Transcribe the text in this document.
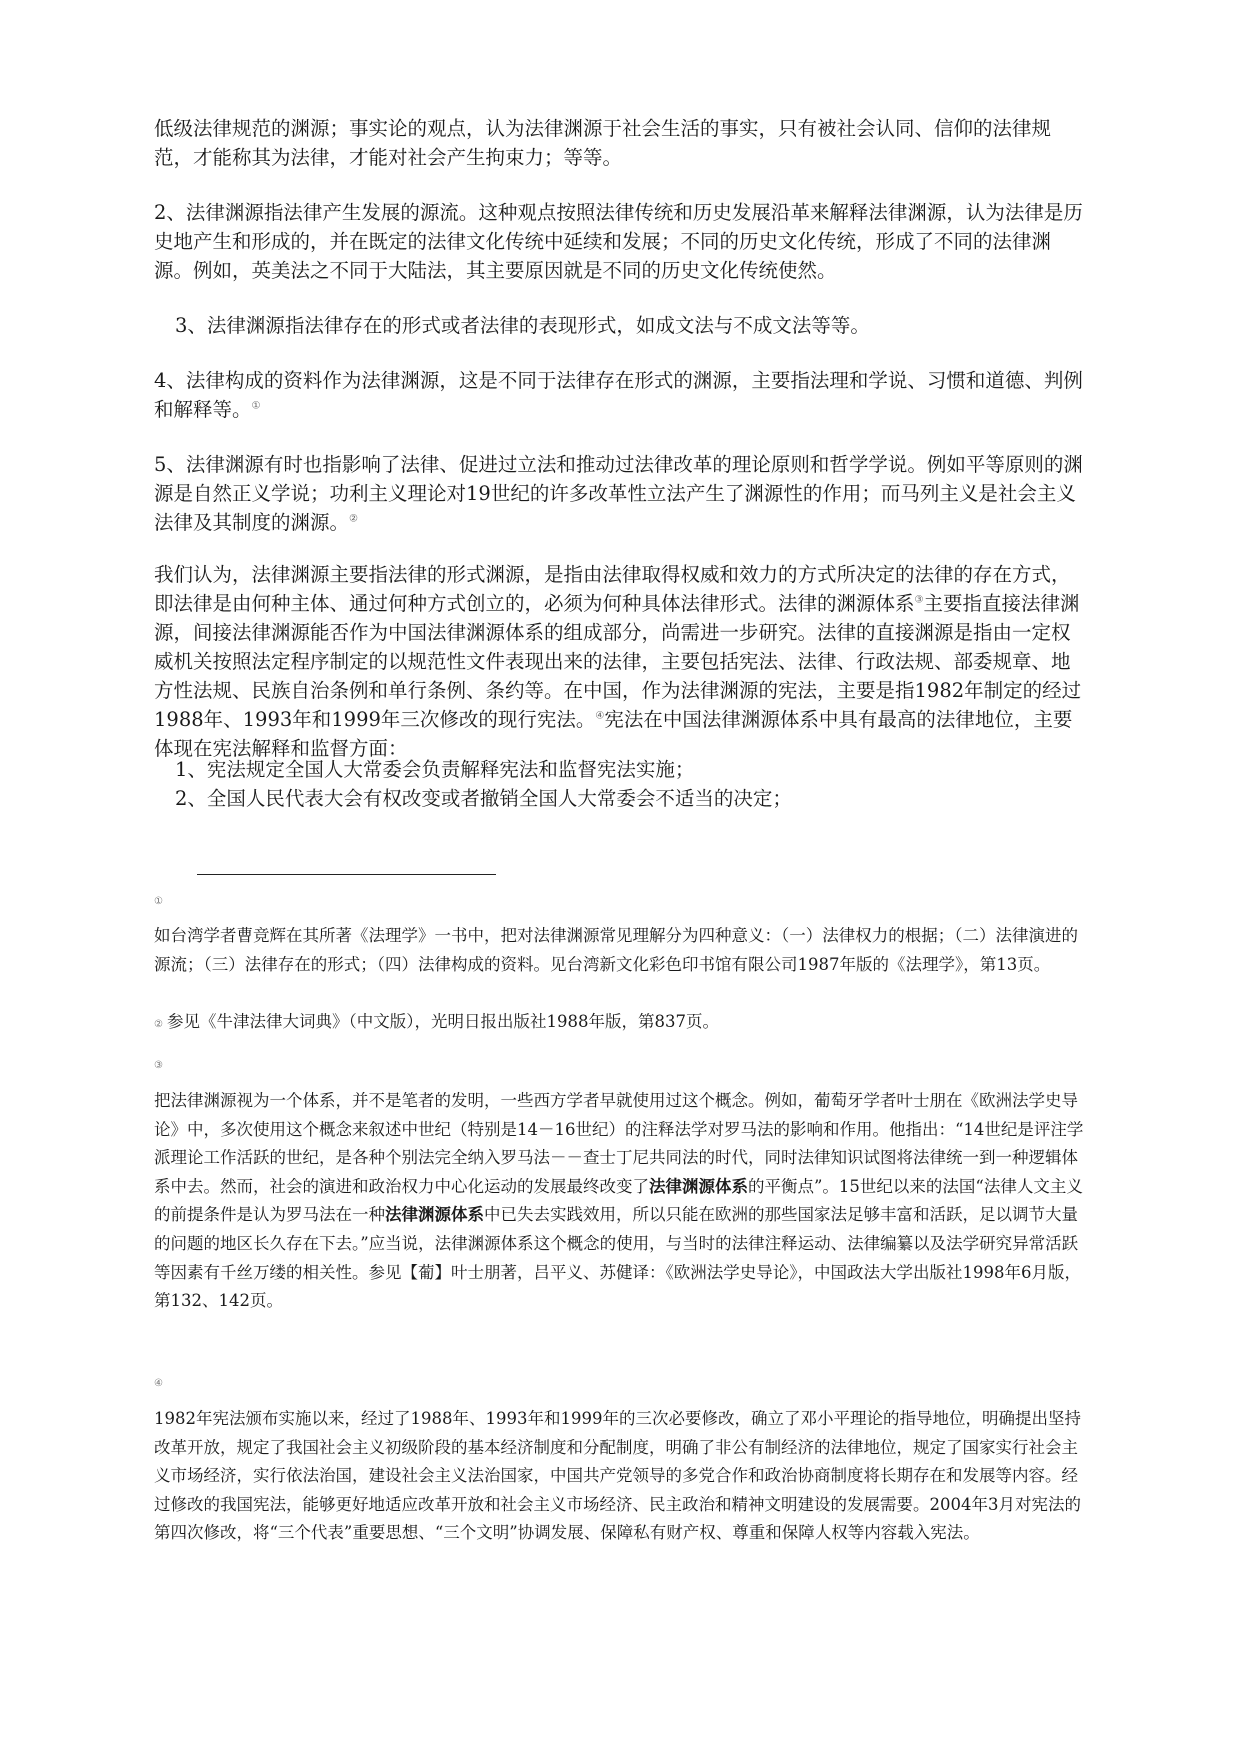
低级法律规范的渊源；事实论的观点，认为法律渊源于社会生活的事实，只有被社会认同、信仰的法律规范，才能称其为法律，才能对社会产生拘束力；等等。

2、法律渊源指法律产生发展的源流。这种观点按照法律传统和历史发展沿革来解释法律渊源，认为法律是历史地产生和形成的，并在既定的法律文化传统中延续和发展；不同的历史文化传统，形成了不同的法律渊源。例如，英美法之不同于大陆法，其主要原因就是不同的历史文化传统使然。

3、法律渊源指法律存在的形式或者法律的表现形式，如成文法与不成文法等等。

4、法律构成的资料作为法律渊源，这是不同于法律存在形式的渊源，主要指法理和学说、习惯和道德、判例和解释等。①

5、法律渊源有时也指影响了法律、促进过立法和推动过法律改革的理论原则和哲学学说。例如平等原则的渊源是自然正义学说；功利主义理论对19世纪的许多改革性立法产生了渊源性的作用；而马列主义是社会主义法律及其制度的渊源。②

我们认为，法律渊源主要指法律的形式渊源，是指由法律取得权威和效力的方式所决定的法律的存在方式，即法律是由何种主体、通过何种方式创立的，必须为何种具体法律形式。法律的渊源体系③主要指直接法律渊源，间接法律渊源能否作为中国法律渊源体系的组成部分，尚需进一步研究。法律的直接渊源是指由一定权威机关按照法定程序制定的以规范性文件表现出来的法律，主要包括宪法、法律、行政法规、部委规章、地方性法规、民族自治条例和单行条例、条约等。在中国，作为法律渊源的宪法，主要是指1982年制定的经过1988年、1993年和1999年三次修改的现行宪法。④宪法在中国法律渊源体系中具有最高的法律地位，主要体现在宪法解释和监督方面：

1、宪法规定全国人大常委会负责解释宪法和监督宪法实施；

2、全国人民代表大会有权改变或者撤销全国人大常委会不适当的决定；

①

如台湾学者曹竞辉在其所著《法理学》一书中，把对法律渊源常见理解分为四种意义：（一）法律权力的根据；（二）法律演进的源流；（三）法律存在的形式；（四）法律构成的资料。见台湾新文化彩色印书馆有限公司1987年版的《法理学》，第13页。

② 参见《牛津法律大词典》（中文版），光明日报出版社1988年版，第837页。

③

把法律渊源视为一个体系，并不是笔者的发明，一些西方学者早就使用过这个概念。例如，葡萄牙学者叶士朋在《欧洲法学史导论》中，多次使用这个概念来叙述中世纪（特别是14－16世纪）的注释法学对罗马法的影响和作用。他指出：“14世纪是评注学派理论工作活跃的世纪，是各种个别法完全纳入罗马法－－查士丁尼共同法的时代，同时法律知识试图将法律统一到一种逻辑体系中去。然而，社会的演进和政治权力中心化运动的发展最终改变了法律渊源体系的平衡点”。15世纪以来的法国“法律人文主义的前提条件是认为罗马法在一种法律渊源体系中已失去实践效用，所以只能在欧洲的那些国家法足够丰富和活跃，足以调节大量的问题的地区长久存在下去。”应当说，法律渊源体系这个概念的使用，与当时的法律注释运动、法律编纂以及法学研究异常活跃等因素有千丝万缕的相关性。参见【葡】叶士朋著，吕平义、苏健译：《欧洲法学史导论》，中国政法大学出版社1998年6月版，第132、142页。

④

1982年宪法颁布实施以来，经过了1988年、1993年和1999年的三次必要修改，确立了邓小平理论的指导地位，明确提出坚持改革开放，规定了我国社会主义初级阶段的基本经济制度和分配制度，明确了非公有制经济的法律地位，规定了国家实行社会主义市场经济，实行依法治国，建设社会主义法治国家，中国共产党领导的多党合作和政治协商制度将长期存在和发展等内容。经过修改的我国宪法，能够更好地适应改革开放和社会主义市场经济、民主政治和精神文明建设的发展需要。2004年3月对宪法的第四次修改，将“三个代表”重要思想、“三个文明”协调发展、保障私有财产权、尊重和保障人权等内容载入宪法。
